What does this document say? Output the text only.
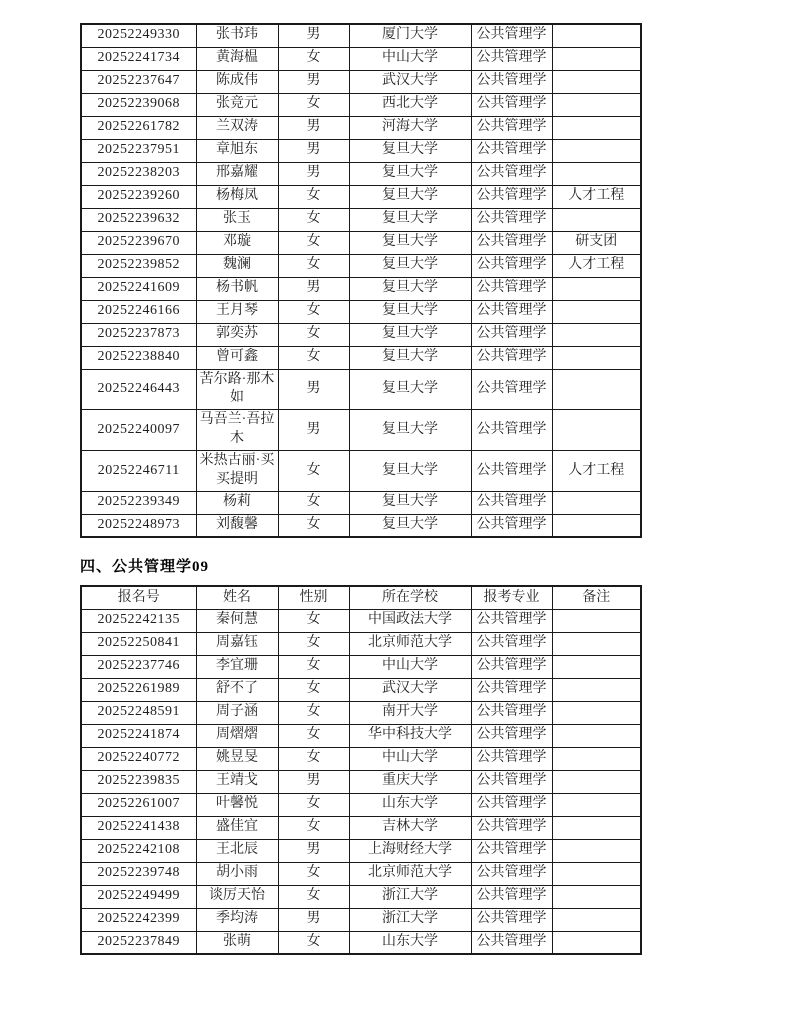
20252249330	张书玮	男	厦门大学	公共管理学	
20252241734	黄海榅	女	中山大学	公共管理学	
20252237647	陈成伟	男	武汉大学	公共管理学	
20252239068	张竞元	女	西北大学	公共管理学	
20252261782	兰双涛	男	河海大学	公共管理学	
20252237951	章旭东	男	复旦大学	公共管理学	
20252238203	邢嘉耀	男	复旦大学	公共管理学	
20252239260	杨梅凤	女	复旦大学	公共管理学	人才工程
20252239632	张玉	女	复旦大学	公共管理学	
20252239670	邓璇	女	复旦大学	公共管理学	研支团
20252239852	魏澜	女	复旦大学	公共管理学	人才工程
20252241609	杨书帆	男	复旦大学	公共管理学	
20252246166	王月琴	女	复旦大学	公共管理学	
20252237873	郭奕苏	女	复旦大学	公共管理学	
20252238840	曾可鑫	女	复旦大学	公共管理学	
20252246443	苦尔路·那木如	男	复旦大学	公共管理学	
20252240097	马吾兰·吾拉木	男	复旦大学	公共管理学	
20252246711	米热古丽·买买提明	女	复旦大学	公共管理学	人才工程
20252239349	杨莉	女	复旦大学	公共管理学	
20252248973	刘馥馨	女	复旦大学	公共管理学	
四、公共管理学09
报名号	姓名	性别	所在学校	报考专业	备注
20252242135	秦何慧	女	中国政法大学	公共管理学	
20252250841	周嘉钰	女	北京师范大学	公共管理学	
20252237746	李宜珊	女	中山大学	公共管理学	
20252261989	舒不了	女	武汉大学	公共管理学	
20252248591	周子涵	女	南开大学	公共管理学	
20252241874	周熠熠	女	华中科技大学	公共管理学	
20252240772	姚昱旻	女	中山大学	公共管理学	
20252239835	王靖戈	男	重庆大学	公共管理学	
20252261007	叶馨悦	女	山东大学	公共管理学	
20252241438	盛佳宜	女	吉林大学	公共管理学	
20252242108	王北辰	男	上海财经大学	公共管理学	
20252239748	胡小雨	女	北京师范大学	公共管理学	
20252249499	谈厉天怡	女	浙江大学	公共管理学	
20252242399	季均涛	男	浙江大学	公共管理学	
20252237849	张萌	女	山东大学	公共管理学	
